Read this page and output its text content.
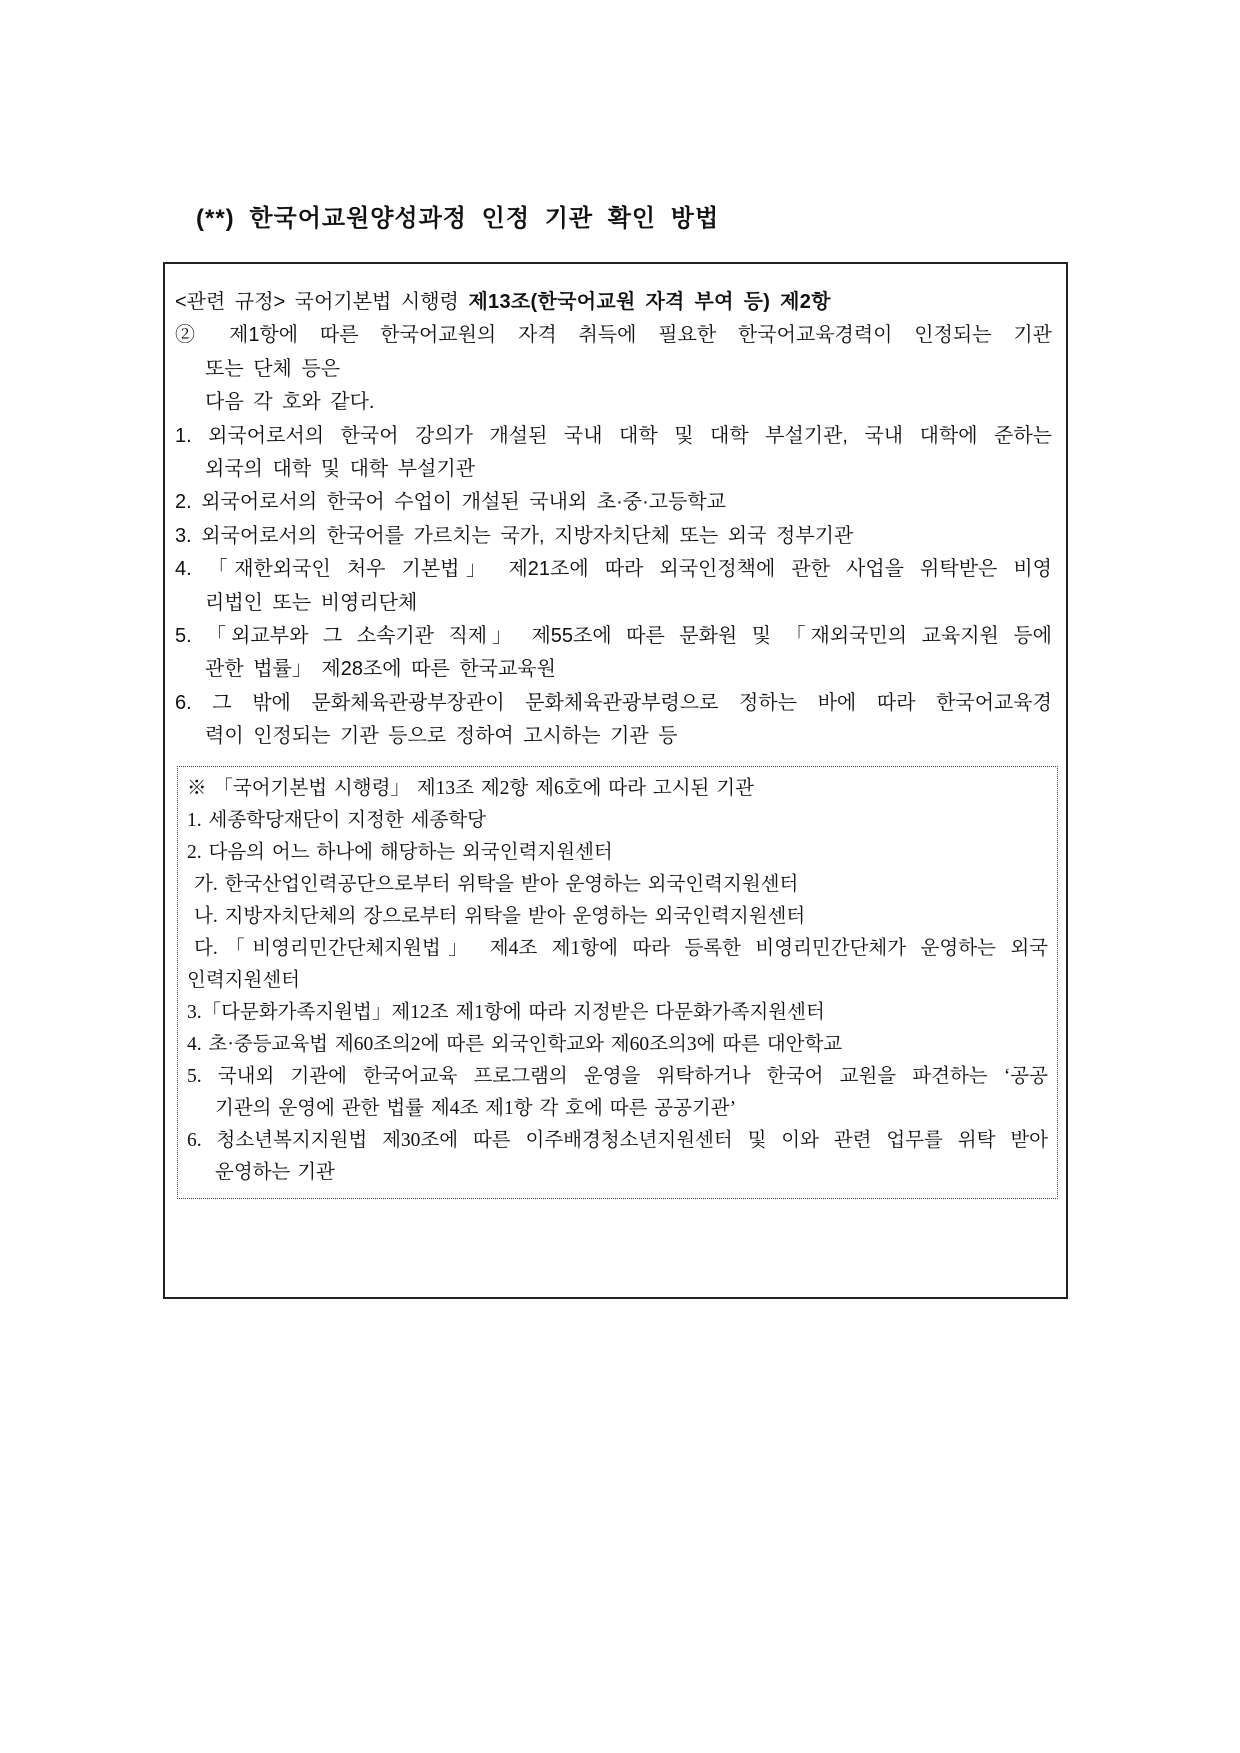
(**) 한국어교원양성과정 인정 기관 확인 방법
<관련 규정> 국어기본법 시행령 제13조(한국어교원 자격 부여 등) 제2항
② 제1항에 따른 한국어교원의 자격 취득에 필요한 한국어교육경력이 인정되는 기관
또는 단체 등은
다음 각 호와 같다.
1. 외국어로서의 한국어 강의가 개설된 국내 대학 및 대학 부설기관, 국내 대학에 준하는
외국의 대학 및 대학 부설기관
2. 외국어로서의 한국어 수업이 개설된 국내외 초·중·고등학교
3. 외국어로서의 한국어를 가르치는 국가, 지방자치단체 또는 외국 정부기관
4. 「재한외국인 처우 기본법」 제21조에 따라 외국인정책에 관한 사업을 위탁받은 비영
리법인 또는 비영리단체
5. 「외교부와 그 소속기관 직제」 제55조에 따른 문화원 및 「재외국민의 교육지원 등에
관한 법률」 제28조에 따른 한국교육원
6. 그 밖에 문화체육관광부장관이 문화체육관광부령으로 정하는 바에 따라 한국어교육경
력이 인정되는 기관 등으로 정하여 고시하는 기관 등
※ 「국어기본법 시행령」 제13조 제2항 제6호에 따라 고시된 기관
1. 세종학당재단이 지정한 세종학당
2. 다음의 어느 하나에 해당하는 외국인력지원센터
가. 한국산업인력공단으로부터 위탁을 받아 운영하는 외국인력지원센터
나. 지방자치단체의 장으로부터 위탁을 받아 운영하는 외국인력지원센터
다.「비영리민간단체지원법」 제4조 제1항에 따라 등록한 비영리민간단체가 운영하는 외국
인력지원센터
3.「다문화가족지원법」제12조 제1항에 따라 지정받은 다문화가족지원센터
4. 초·중등교육법 제60조의2에 따른 외국인학교와 제60조의3에 따른 대안학교
5. 국내외 기관에 한국어교육 프로그램의 운영을 위탁하거나 한국어 교원을 파견하는 ‘공공
기관의 운영에 관한 법률 제4조 제1항 각 호에 따른 공공기관’
6. 청소년복지지원법 제30조에 따른 이주배경청소년지원센터 및 이와 관련 업무를 위탁 받아
운영하는 기관
